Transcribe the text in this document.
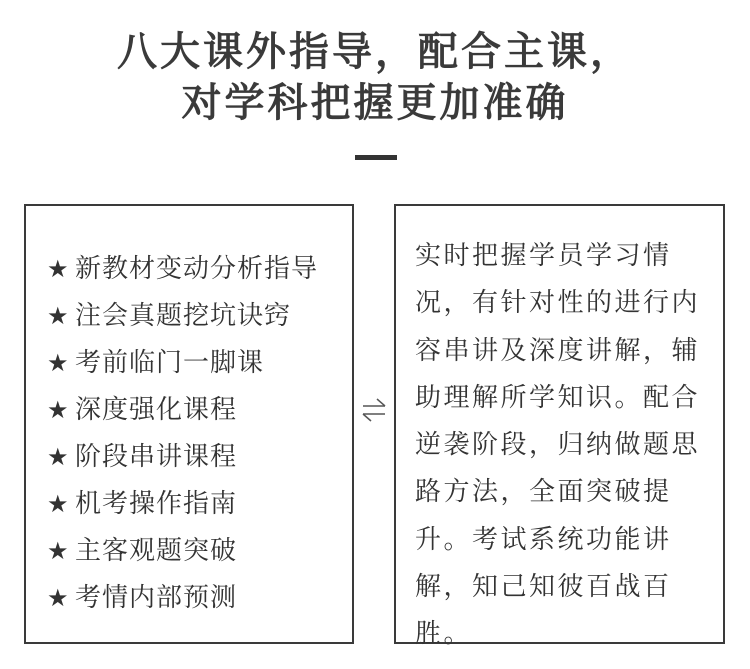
八大课外指导，配合主课，
对学科把握更加准确
★ 新教材变动分析指导
★ 注会真题挖坑诀窍
★ 考前临门一脚课
★ 深度强化课程
★ 阶段串讲课程
★ 机考操作指南
★ 主客观题突破
★ 考情内部预测

实时把握学员学习情况，有针对性的进行内容串讲及深度讲解，辅助理解所学知识。配合逆袭阶段，归纳做题思路方法，全面突破提升。考试系统功能讲解，知己知彼百战百胜。
